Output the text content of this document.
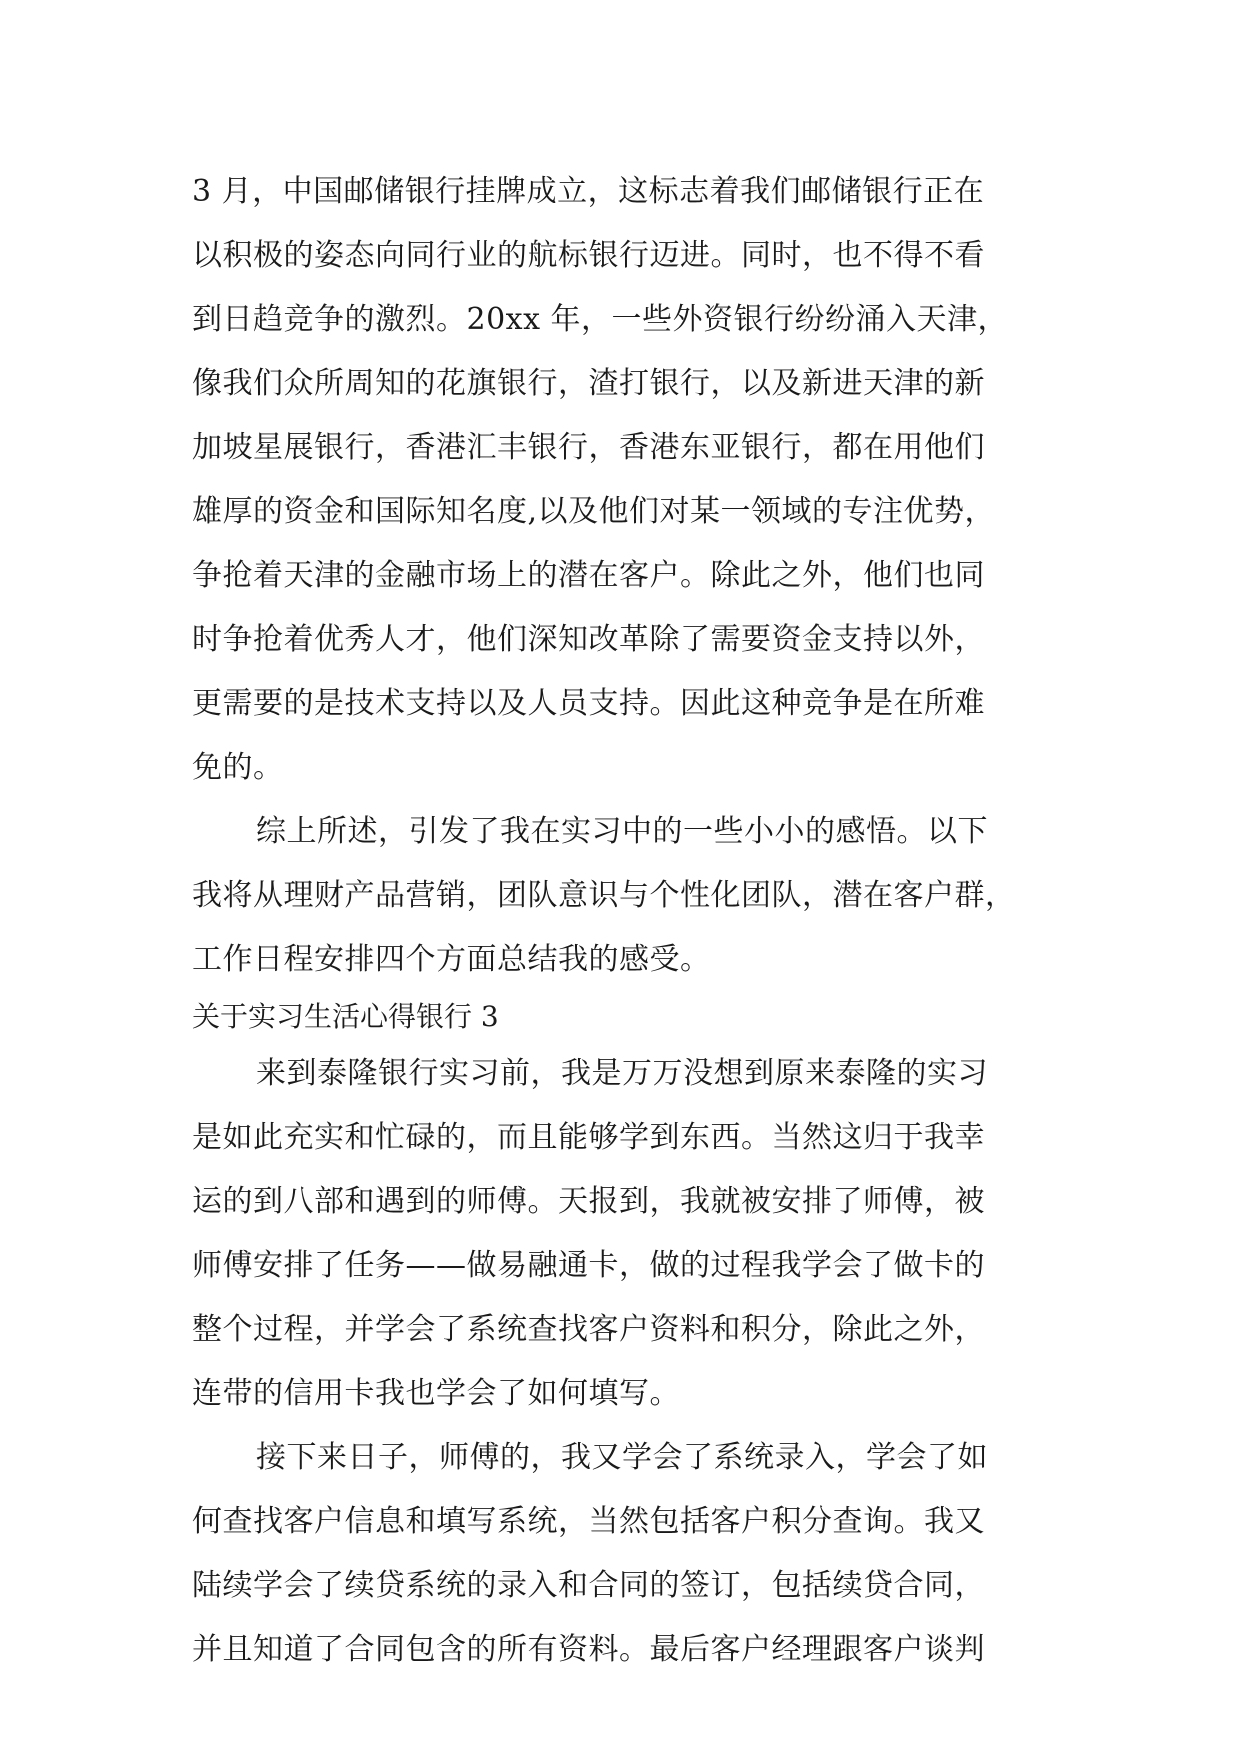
3 月，中国邮储银行挂牌成立，这标志着我们邮储银行正在
以积极的姿态向同行业的航标银行迈进。同时，也不得不看
到日趋竞争的激烈。20xx 年，一些外资银行纷纷涌入天津，
像我们众所周知的花旗银行，渣打银行，以及新进天津的新
加坡星展银行，香港汇丰银行，香港东亚银行，都在用他们
雄厚的资金和国际知名度,以及他们对某一领域的专注优势，
争抢着天津的金融市场上的潜在客户。除此之外，他们也同
时争抢着优秀人才，他们深知改革除了需要资金支持以外，
更需要的是技术支持以及人员支持。因此这种竞争是在所难
免的。
综上所述，引发了我在实习中的一些小小的感悟。以下
我将从理财产品营销，团队意识与个性化团队，潜在客户群，
工作日程安排四个方面总结我的感受。
关于实习生活心得银行 3
来到泰隆银行实习前，我是万万没想到原来泰隆的实习
是如此充实和忙碌的，而且能够学到东西。当然这归于我幸
运的到八部和遇到的师傅。天报到，我就被安排了师傅，被
师傅安排了任务——做易融通卡，做的过程我学会了做卡的
整个过程，并学会了系统查找客户资料和积分，除此之外，
连带的信用卡我也学会了如何填写。
接下来日子，师傅的，我又学会了系统录入，学会了如
何查找客户信息和填写系统，当然包括客户积分查询。我又
陆续学会了续贷系统的录入和合同的签订，包括续贷合同，
并且知道了合同包含的所有资料。最后客户经理跟客户谈判
